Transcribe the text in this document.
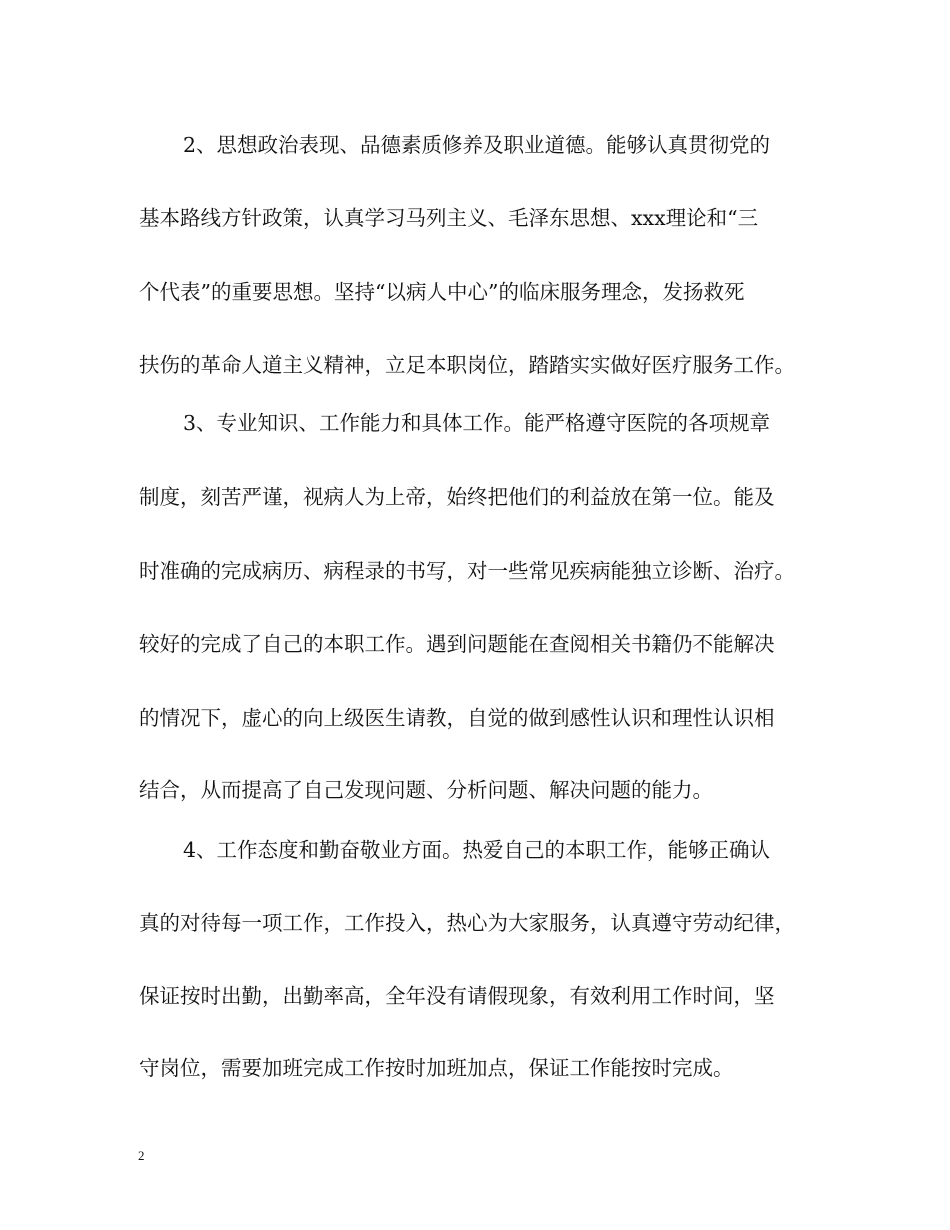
2、思想政治表现、品德素质修养及职业道德。能够认真贯彻党的
基本路线方针政策，认真学习马列主义、毛泽东思想、xxx理论和“三
个代表”的重要思想。坚持“以病人中心”的临床服务理念，发扬救死
扶伤的革命人道主义精神，立足本职岗位，踏踏实实做好医疗服务工作。
3、专业知识、工作能力和具体工作。能严格遵守医院的各项规章
制度，刻苦严谨，视病人为上帝，始终把他们的利益放在第一位。能及
时准确的完成病历、病程录的书写，对一些常见疾病能独立诊断、治疗。
较好的完成了自己的本职工作。遇到问题能在查阅相关书籍仍不能解决
的情况下，虚心的向上级医生请教，自觉的做到感性认识和理性认识相
结合，从而提高了自己发现问题、分析问题、解决问题的能力。
4、工作态度和勤奋敬业方面。热爱自己的本职工作，能够正确认
真的对待每一项工作，工作投入，热心为大家服务，认真遵守劳动纪律，
保证按时出勤，出勤率高，全年没有请假现象，有效利用工作时间，坚
守岗位，需要加班完成工作按时加班加点，保证工作能按时完成。
2
